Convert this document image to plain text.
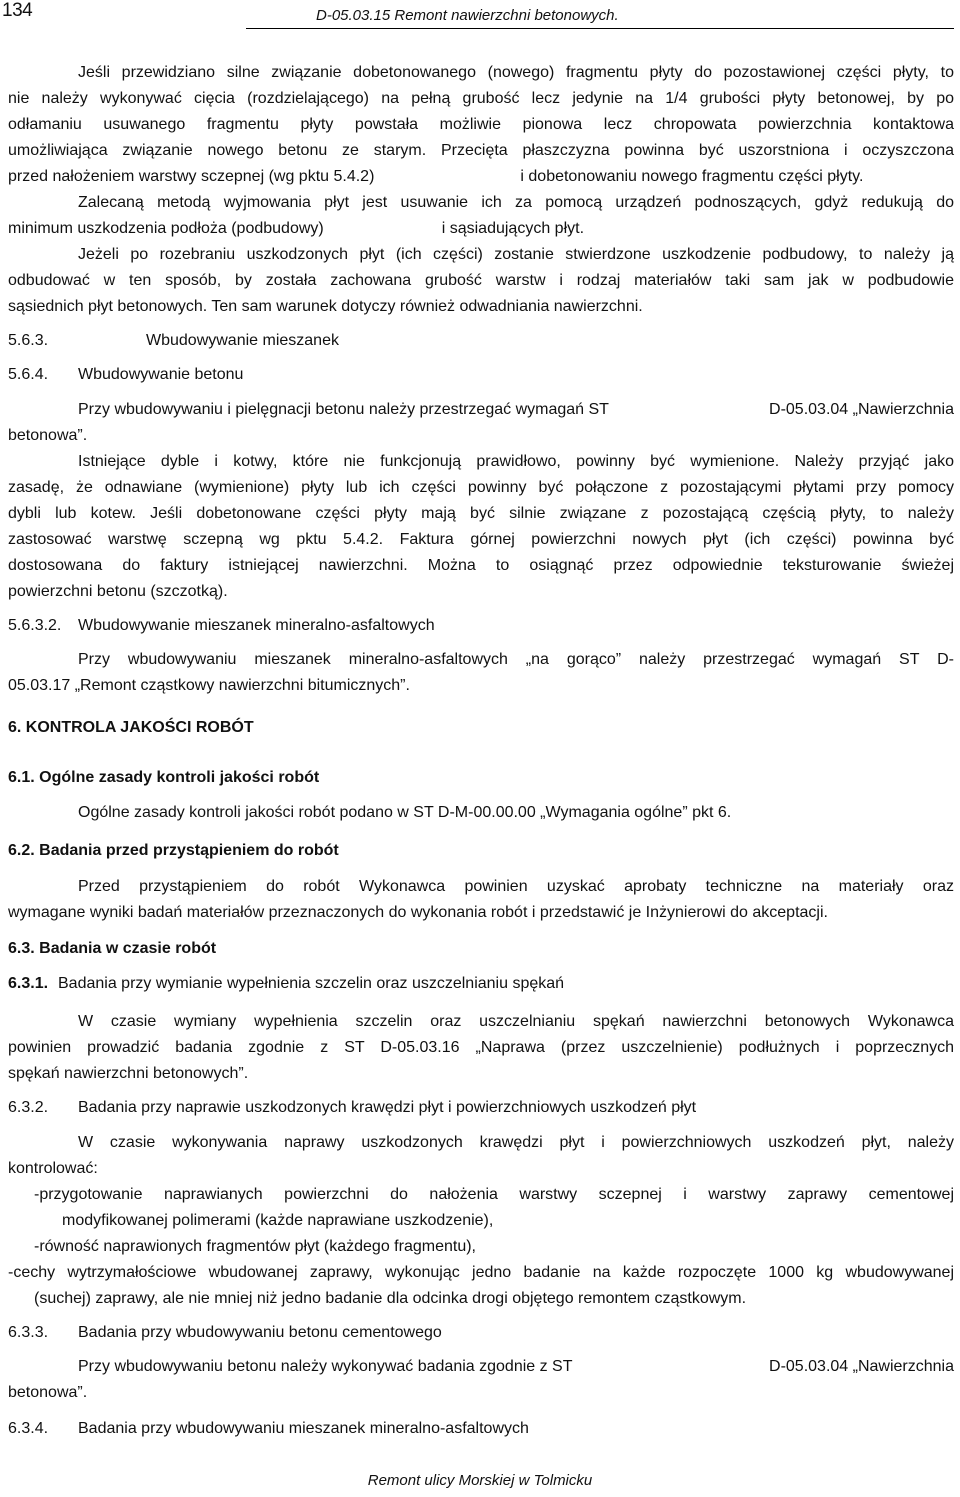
134	D-05.03.15 Remont nawierzchni betonowych.

Jeśli przewidziano silne związanie dobetonowanego (nowego) fragmentu płyty do pozostawionej części płyty, to

nie należy wykonywać cięcia (rozdzielającego) na pełną grubość lecz jedynie na 1/4 grubości płyty betonowej, by po

odłamaniu usuwanego fragmentu płyty powstała możliwie pionowa lecz chropowata powierzchnia kontaktowa

umożliwiająca związanie nowego betonu ze starym. Przecięta płaszczyzna powinna być uszorstniona i oczyszczona

przed nałożeniem warstwy sczepnej (wg pktu 5.4.2)	i dobetonowaniu nowego fragmentu części płyty.

Zalecaną metodą wyjmowania płyt jest usuwanie ich za pomocą urządzeń podnoszących, gdyż redukują do

minimum uszkodzenia podłoża (podbudowy)	i sąsiadujących płyt.

Jeżeli po rozebraniu uszkodzonych płyt (ich części) zostanie stwierdzone uszkodzenie podbudowy, to należy ją

odbudować w ten sposób, by została zachowana grubość warstw i rodzaj materiałów taki sam jak w podbudowie

sąsiednich płyt betonowych. Ten sam warunek dotyczy również odwadniania nawierzchni.

5.6.3.	Wbudowywanie mieszanek

5.6.4. Wbudowywanie betonu

Przy wbudowywaniu i pielęgnacji betonu należy przestrzegać wymagań ST	D-05.03.04 „Nawierzchnia

betonowa”.

Istniejące dyble i kotwy, które nie funkcjonują prawidłowo, powinny być wymienione. Należy przyjąć jako

zasadę, że odnawiane (wymienione) płyty lub ich części powinny być połączone z pozostającymi płytami przy pomocy

dybli lub kotew. Jeśli dobetonowane części płyty mają być silnie związane z pozostającą częścią płyty, to należy

zastosować warstwę sczepną wg pktu 5.4.2. Faktura górnej powierzchni nowych płyt (ich części) powinna być

dostosowana do faktury istniejącej nawierzchni. Można to osiągnąć przez odpowiednie teksturowanie świeżej

powierzchni betonu (szczotką).

5.6.3.2. Wbudowywanie mieszanek mineralno-asfaltowych

Przy wbudowywaniu mieszanek mineralno-asfaltowych „na gorąco” należy przestrzegać wymagań ST D-

05.03.17 „Remont cząstkowy nawierzchni bitumicznych”.

6. KONTROLA JAKOŚCI ROBÓT

6.1. Ogólne zasady kontroli jakości robót

Ogólne zasady kontroli jakości robót podano w ST D-M-00.00.00 „Wymagania ogólne” pkt 6.

6.2. Badania przed przystąpieniem do robót

Przed przystąpieniem do robót Wykonawca powinien uzyskać aprobaty techniczne na materiały oraz

wymagane wyniki badań materiałów przeznaczonych do wykonania robót i przedstawić je Inżynierowi do akceptacji.

6.3. Badania w czasie robót

6.3.1. Badania przy wymianie wypełnienia szczelin oraz uszczelnianiu spękań

W czasie wymiany wypełnienia szczelin oraz uszczelnianiu spękań nawierzchni betonowych Wykonawca

powinien prowadzić badania zgodnie z ST D-05.03.16 „Naprawa (przez uszczelnienie) podłużnych i poprzecznych

spękań nawierzchni betonowych”.

6.3.2. Badania przy naprawie uszkodzonych krawędzi płyt i powierzchniowych uszkodzeń płyt

W czasie wykonywania naprawy uszkodzonych krawędzi płyt i powierzchniowych uszkodzeń płyt, należy

kontrolować:

-przygotowanie naprawianych powierzchni do nałożenia warstwy sczepnej i warstwy zaprawy cementowej

modyfikowanej polimerami (każde naprawiane uszkodzenie),

-równość naprawionych fragmentów płyt (każdego fragmentu),

-cechy wytrzymałościowe wbudowanej zaprawy, wykonując jedno badanie na każde rozpoczęte 1000 kg wbudowywanej

(suchej) zaprawy, ale nie mniej niż jedno badanie dla odcinka drogi objętego remontem cząstkowym.

6.3.3. Badania przy wbudowywaniu betonu cementowego

Przy wbudowywaniu betonu należy wykonywać badania zgodnie z ST	D-05.03.04 „Nawierzchnia

betonowa”.

6.3.4. Badania przy wbudowywaniu mieszanek mineralno-asfaltowych

Remont ulicy Morskiej w Tolmicku
